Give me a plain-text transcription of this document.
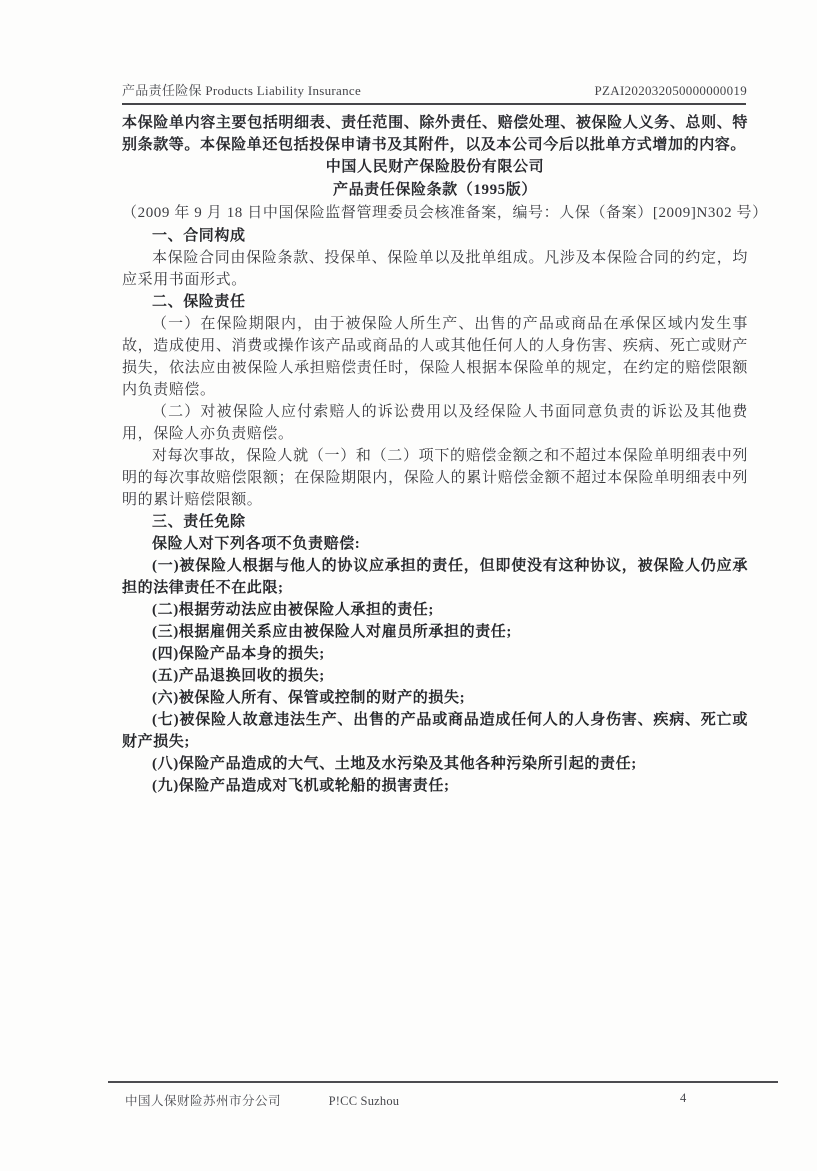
产品责任险保 Products Liability Insurance	PZAI202032050000000019

本保险单内容主要包括明细表、责任范围、除外责任、赔偿处理、被保险人义务、总则、特别条款等。本保险单还包括投保申请书及其附件，以及本公司今后以批单方式增加的内容。

中国人民财产保险股份有限公司

产品责任保险条款（1995版）

（2009 年 9 月 18 日中国保险监督管理委员会核准备案，编号：人保（备案）[2009]N302 号）

一、合同构成

本保险合同由保险条款、投保单、保险单以及批单组成。凡涉及本保险合同的约定，均应采用书面形式。

二、保险责任

（一）在保险期限内，由于被保险人所生产、出售的产品或商品在承保区域内发生事故，造成使用、消费或操作该产品或商品的人或其他任何人的人身伤害、疾病、死亡或财产损失，依法应由被保险人承担赔偿责任时，保险人根据本保险单的规定，在约定的赔偿限额内负责赔偿。

（二）对被保险人应付索赔人的诉讼费用以及经保险人书面同意负责的诉讼及其他费用，保险人亦负责赔偿。

对每次事故，保险人就（一）和（二）项下的赔偿金额之和不超过本保险单明细表中列明的每次事故赔偿限额；在保险期限内，保险人的累计赔偿金额不超过本保险单明细表中列明的累计赔偿限额。

三、责任免除

保险人对下列各项不负责赔偿:

(一)被保险人根据与他人的协议应承担的责任，但即使没有这种协议，被保险人仍应承担的法律责任不在此限;

(二)根据劳动法应由被保险人承担的责任;

(三)根据雇佣关系应由被保险人对雇员所承担的责任;

(四)保险产品本身的损失;

(五)产品退换回收的损失;

(六)被保险人所有、保管或控制的财产的损失;

(七)被保险人故意违法生产、出售的产品或商品造成任何人的人身伤害、疾病、死亡或财产损失;

(八)保险产品造成的大气、土地及水污染及其他各种污染所引起的责任;

(九)保险产品造成对飞机或轮船的损害责任;

中国人保财险苏州市分公司	P!CC Suzhou	4
